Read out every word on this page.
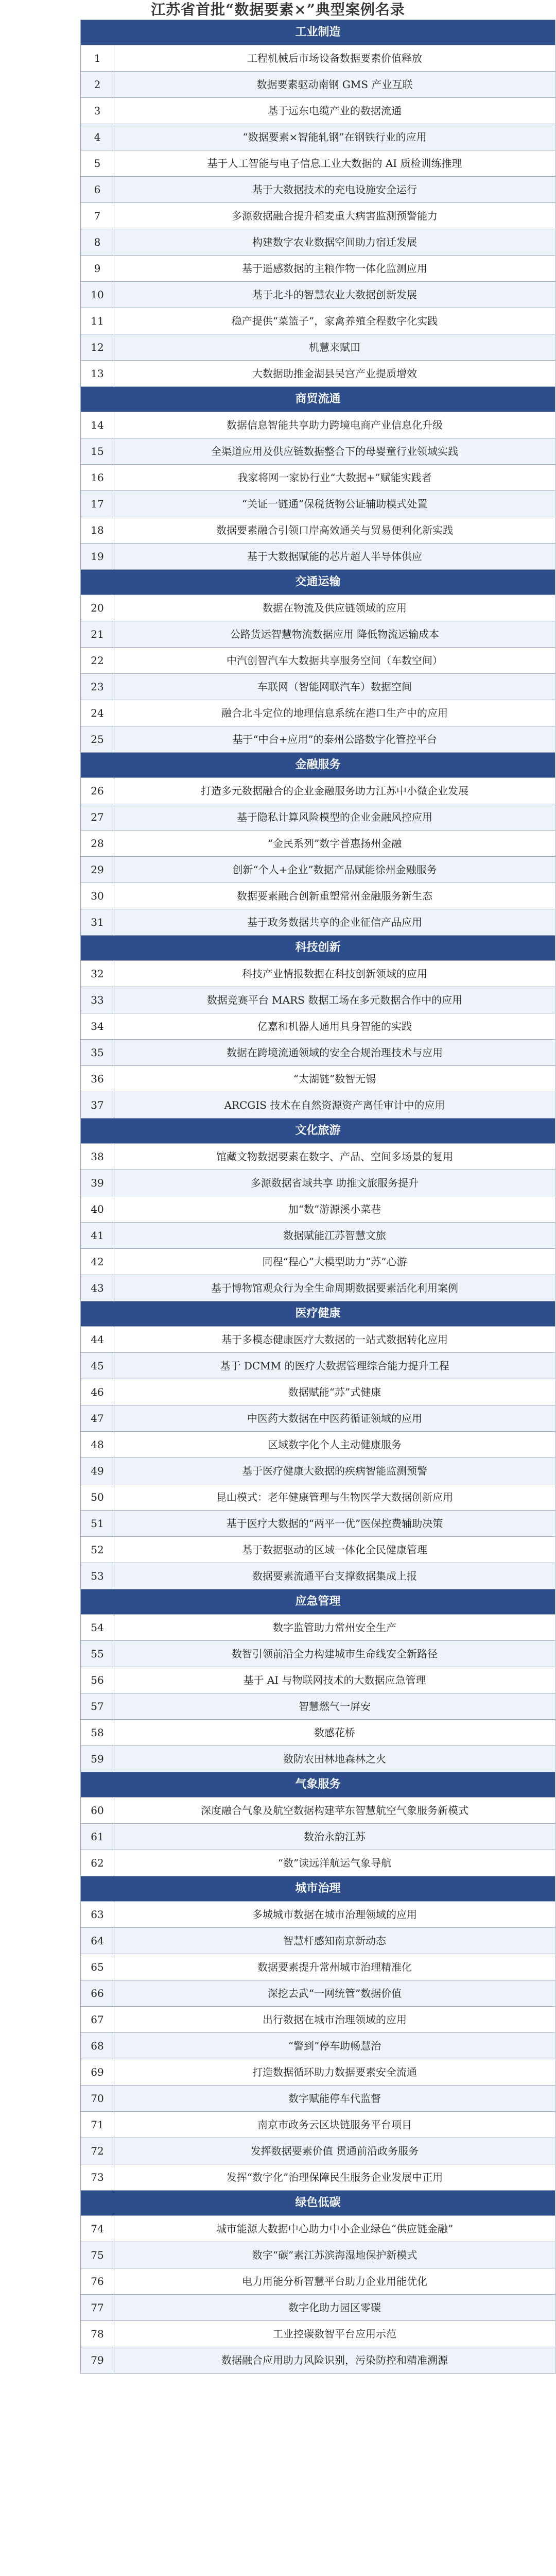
江苏省首批“数据要素×”典型案例名录
工业制造
1	工程机械后市场设备数据要素价值释放
2	数据要素驱动南钢 GMS 产业互联
3	基于远东电缆产业的数据流通
4	“数据要素×智能轧钢”在钢铁行业的应用
5	基于人工智能与电子信息工业大数据的 AI 质检训练推理
6	基于大数据技术的充电设施安全运行
7	多源数据融合提升稻麦重大病害监测预警能力
8	构建数字农业数据空间助力宿迁发展
9	基于遥感数据的主粮作物一体化监测应用
10	基于北斗的智慧农业大数据创新发展
11	稳产提供“菜篮子”，家禽养殖全程数字化实践
12	机慧来赋田
13	大数据助推金湖县吴宫产业提质增效
商贸流通
14	数据信息智能共享助力跨境电商产业信息化升级
15	全渠道应用及供应链数据整合下的母婴童行业领域实践
16	我家将网一家协行业“大数据+”赋能实践者
17	“关证一链通”保税货物公证辅助模式处置
18	数据要素融合引领口岸高效通关与贸易便利化新实践
19	基于大数据赋能的芯片超人半导体供应
交通运输
20	数据在物流及供应链领域的应用
21	公路货运智慧物流数据应用 降低物流运输成本
22	中汽创智汽车大数据共享服务空间（车数空间）
23	车联网（智能网联汽车）数据空间
24	融合北斗定位的地理信息系统在港口生产中的应用
25	基于“中台+应用”的泰州公路数字化管控平台
金融服务
26	打造多元数据融合的企业金融服务助力江苏中小微企业发展
27	基于隐私计算风险模型的企业金融风控应用
28	“金民系列”数字普惠扬州金融
29	创新“个人+企业”数据产品赋能徐州金融服务
30	数据要素融合创新重塑常州金融服务新生态
31	基于政务数据共享的企业征信产品应用
科技创新
32	科技产业情报数据在科技创新领域的应用
33	数据竞赛平台 MARS 数据工场在多元数据合作中的应用
34	亿嘉和机器人通用具身智能的实践
35	数据在跨境流通领域的安全合规治理技术与应用
36	“太湖链”数智无锡
37	ARCGIS 技术在自然资源资产离任审计中的应用
文化旅游
38	馆藏文物数据要素在数字、产品、空间多场景的复用
39	多源数据省域共享 助推文旅服务提升
40	加“数”游源溪小菜巷
41	数据赋能江苏智慧文旅
42	同程“程心”大模型助力“苏”心游
43	基于博物馆观众行为全生命周期数据要素活化利用案例
医疗健康
44	基于多模态健康医疗大数据的一站式数据转化应用
45	基于 DCMM 的医疗大数据管理综合能力提升工程
46	数据赋能“苏”式健康
47	中医药大数据在中医药循证领域的应用
48	区域数字化个人主动健康服务
49	基于医疗健康大数据的疾病智能监测预警
50	昆山模式：老年健康管理与生物医学大数据创新应用
51	基于医疗大数据的“两平一优”医保控费辅助决策
52	基于数据驱动的区域一体化全民健康管理
53	数据要素流通平台支撑数据集成上报
应急管理
54	数字监管助力常州安全生产
55	数智引领前沿全力构建城市生命线安全新路径
56	基于 AI 与物联网技术的大数据应急管理
57	智慧燃气一屏安
58	数感花桥
59	数防农田林地森林之火
气象服务
60	深度融合气象及航空数据构建苹东智慧航空气象服务新模式
61	数治永韵江苏
62	“数”读远洋航运气象导航
城市治理
63	多城城市数据在城市治理领域的应用
64	智慧杆感知南京新动态
65	数据要素提升常州城市治理精准化
66	深挖去武“一网统管”数据价值
67	出行数据在城市治理领域的应用
68	“警到”停车助畅慧治
69	打造数据循环助力数据要素安全流通
70	数字赋能停车代监督
71	南京市政务云区块链服务平台项目
72	发挥数据要素价值 贯通前沿政务服务
73	发挥“数字化”治理保障民生服务企业发展中正用
绿色低碳
74	城市能源大数据中心助力中小企业绿色“供应链金融”
75	数字“碳”素江苏滨海湿地保护新模式
76	电力用能分析智慧平台助力企业用能优化
77	数字化助力园区零碳
78	工业控碳数智平台应用示范
79	数据融合应用助力风险识别，污染防控和精准溯源
